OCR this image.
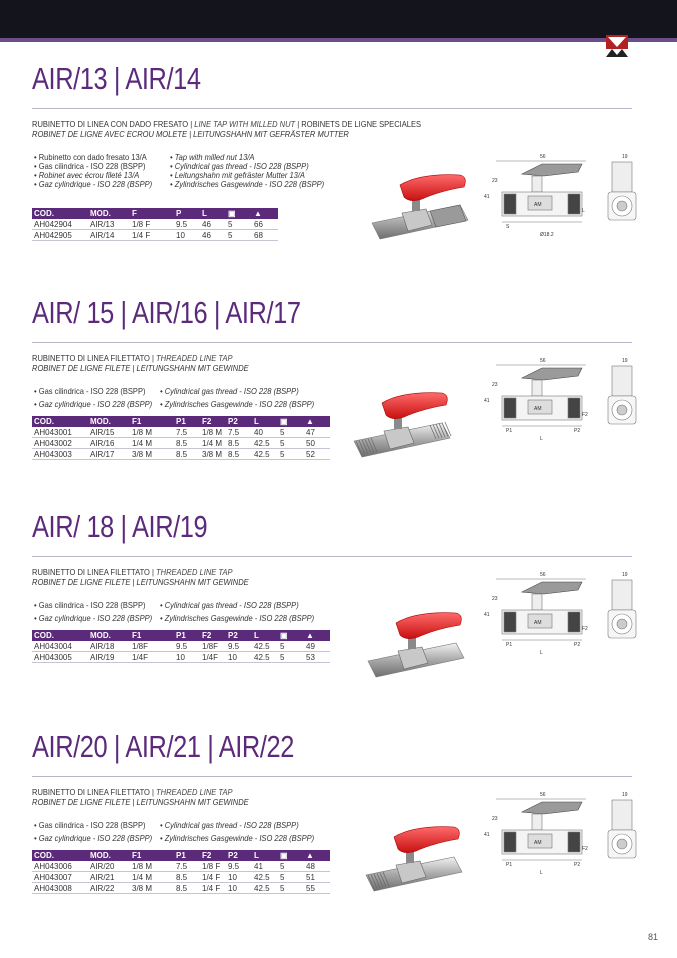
81
AIR/13 | AIR/14
RUBINETTO DI LINEA CON DADO FRESATO | LINE TAP WITH MILLED NUT | ROBINETS DE LIGNE SPECIALES
ROBINET DE LIGNE AVEC ECROU MOLETE | LEITUNGSHAHN MIT GEFRÄSTER MUTTER
• Rubinetto con dado fresato 13/A
• Gas cilindrica - ISO 228 (BSPP)
• Robinet avec écrou fileté 13/A
• Gaz cylindrique - ISO 228 (BSPP)
• Tap with milled nut 13/A
• Cylindrical gas thread - ISO 228 (BSPP)
• Leitungshahn mit gefräster Mutter 13/A
• Zylindrisches Gasgewinde - ISO 228 (BSPP)
COD.	MOD.	F	P	L	▣	▲
AH042904	AIR/13	1/8 F	9.5	46	5	66
AH042905	AIR/14	1/4 F	10	46	5	68
AIR/ 15 | AIR/16 | AIR/17
RUBINETTO DI LINEA FILETTATO | THREADED LINE TAP
ROBINET DE LIGNE FILETE | LEITUNGSHAHN MIT GEWINDE
• Gas cilindrica - ISO 228 (BSPP)
• Gaz cylindrique - ISO 228 (BSPP)
• Cylindrical gas thread - ISO 228 (BSPP)
• Zylindrisches Gasgewinde - ISO 228 (BSPP)
COD.	MOD.	F1	P1	F2	P2	L	▣	▲
AH043001	AIR/15	1/8 M	7.5	1/8 M	7.5	40	5	47
AH043002	AIR/16	1/4 M	8.5	1/4 M	8.5	42.5	5	50
AH043003	AIR/17	3/8 M	8.5	3/8 M	8.5	42.5	5	52
AIR/ 18 | AIR/19
RUBINETTO DI LINEA FILETTATO | THREADED LINE TAP
ROBINET DE LIGNE FILETE | LEITUNGSHAHN MIT GEWINDE
• Gas cilindrica - ISO 228 (BSPP)
• Gaz cylindrique - ISO 228 (BSPP)
• Cylindrical gas thread - ISO 228 (BSPP)
• Zylindrisches Gasgewinde - ISO 228 (BSPP)
COD.	MOD.	F1	P1	F2	P2	L	▣	▲
AH043004	AIR/18	1/8F	9.5	1/8F	9.5	42.5	5	49
AH043005	AIR/19	1/4F	10	1/4F	10	42.5	5	53
AIR/20 | AIR/21 | AIR/22
RUBINETTO DI LINEA FILETTATO | THREADED LINE TAP
ROBINET DE LIGNE FILETE | LEITUNGSHAHN MIT GEWINDE
• Gas cilindrica - ISO 228 (BSPP)
• Gaz cylindrique - ISO 228 (BSPP)
• Cylindrical gas thread - ISO 228 (BSPP)
• Zylindrisches Gasgewinde - ISO 228 (BSPP)
COD.	MOD.	F1	P1	F2	P2	L	▣	▲
AH043006	AIR/20	1/8 M	7.5	1/8 F	9.5	41	5	48
AH043007	AIR/21	1/4 M	8.5	1/4 F	10	42.5	5	51
AH043008	AIR/22	3/8 M	8.5	1/4 F	10	42.5	5	55
56
41
23
19
L
S
Ø18.2
AM
56
41
23
19
F2
P1
L
P2
AM
56
41
23
19
F2
P1
L
P2
AM
56
41
23
19
F2
P1
L
P2
AM
